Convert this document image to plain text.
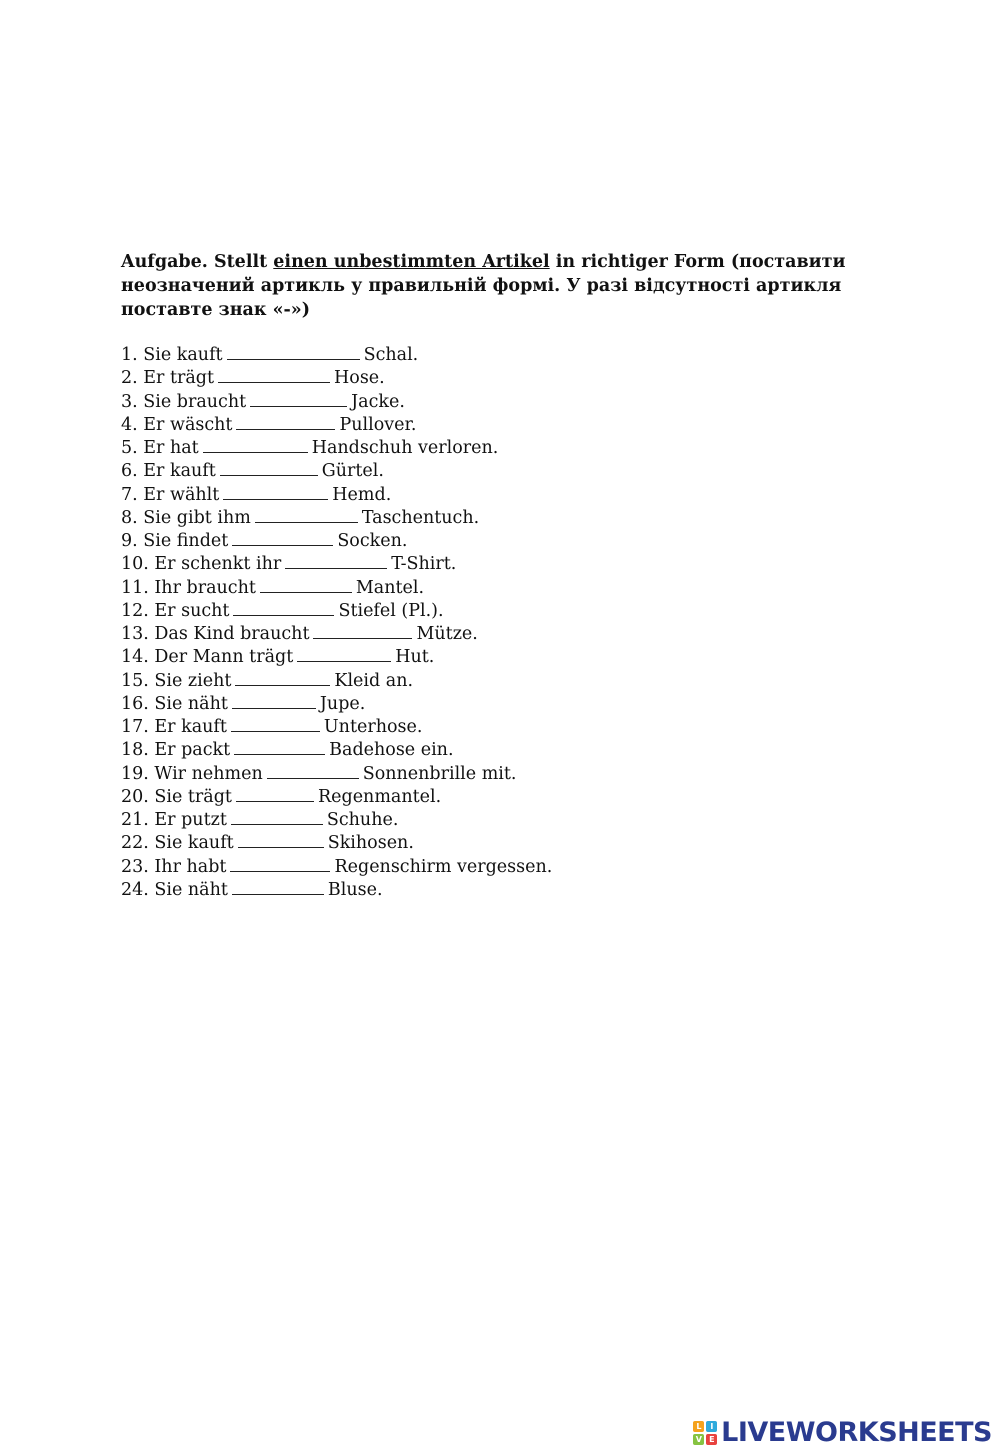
Aufgabe. Stellt einen unbestimmten Artikel in richtiger Form (поставити неозначений артикль у правильній формі. У разі відсутності артикля поставте знак «-»)
1. Sie kauft	Schal.
2. Er trägt	Hose.
3. Sie braucht	Jacke.
4. Er wäscht	Pullover.
5. Er hat	Handschuh verloren.
6. Er kauft	Gürtel.
7. Er wählt	Hemd.
8. Sie gibt ihm	Taschentuch.
9. Sie findet	Socken.
10. Er schenkt ihr	T-Shirt.
11. Ihr braucht	Mantel.
12. Er sucht	Stiefel (Pl.).
13. Das Kind braucht	Mütze.
14. Der Mann trägt	Hut.
15. Sie zieht	Kleid an.
16. Sie näht	Jupe.
17. Er kauft	Unterhose.
18. Er packt	Badehose ein.
19. Wir nehmen	Sonnenbrille mit.
20. Sie trägt	Regenmantel.
21. Er putzt	Schuhe.
22. Sie kauft	Skihosen.
23. Ihr habt	Regenschirm vergessen.
24. Sie näht	Bluse.
L	I
V E LIVEWORKSHEETS
